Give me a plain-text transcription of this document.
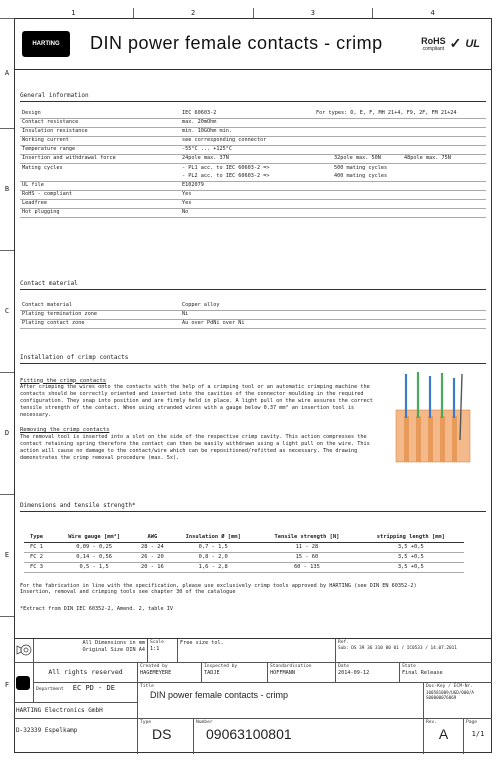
1	2	3	4
A
B
C
D
E
F
HARTING	DIN power female contacts - crimp	RoHS
compliant ✓ UL
General information
Design	IEC 60603-2	For types: D, E, F, MH 21+4, F9, 2F, FM 21+24
Contact resistance	max. 20mOhm
Insulation resistance	min. 10GOhm min.
Working current	see corresponding connector
Temperature range	-55°C ... +125°C
Insertion and withdrawal force	24pole max. 37N	32pole max. 50N	48pole max. 75N
Mating cycles	- PL1 acc. to IEC 60603-2 =>	500 mating cycles
- PL2 acc. to IEC 60603-2 =>	400 mating cycles
UL file	E102079
RoHS - compliant	Yes
Leadfree	Yes
Hot plugging	No
Contact material
Contact material	Copper alloy
Plating termination zone	Ni
Plating contact zone	Au over PdNi over Ni
Installation of crimp contacts
Fitting the crimp contacts
After crimping the wires onto the contacts with the help of a crimping tool or an automatic crimping machine the contacts should be correctly oriented and inserted into the cavities of the connector moulding in the required configuration. They snap into position and are firmly held in place. A light pull on the wire assures the correct tensile strength of the contact. When using stranded wires with a gauge below 0.37 mm² an insertion tool is necessary.
Removing the crimp contacts
The removal tool is inserted into a slot on the side of the respective crimp cavity. This action compresses the contact retaining spring therefore the contact can then be easily withdrawn using a light pull on the wire. This action will cause no damage to the contact/wire which can be repositioned/refitted as necessary. The drawing demonstrates the crimp removal procedure (max. 5x).
Dimensions and tensile strength*
Type	Wire gauge [mm²]	AWG	Insulation Ø [mm]	Tensile strength [N]	stripping length [mm]
FC 1	0,09 - 0,25	28 - 24	0,7 - 1,5	11 - 28	3,5 +0,5
FC 2	0,14 - 0,56	26 - 20	0,8 - 2,0	15 - 60	3,5 +0,5
FC 3	0,5 - 1,5	20 - 16	1,6 - 2,8	60 - 135	3,5 +0,5
For the fabrication in line with the specification, please use exclusively crimp tools approved by HARTING (see DIN EN 60352-2)
Insertion, removal and crimping tools see chapter 30 of the catalogue
*Extract from DIN IEC 60352-2, Amend. 2, table IV
All Dimensions in mm
Original Size DIN A4
Scale
1:1
Free size tol.	Ref.
Sub: DS 39 36 310 00 01 / IC0533 / 14.07.2011
All rights reserved
Created by
HAGEMEYERE
Inspected by
TADJE
Standardisation
HOFFMANN
Date
2014-09-12
State
Final Release
Department EC PD - DE	Title
DIN power female contacts - crimp
Doc-Key / ECM-Nr.
100581009/UGD/000/A S00000076069
HARTING Electronics GmbH
D-32339 Espelkamp
Type
DS
Number
09063100801
Rev.
A
Page
1/1
